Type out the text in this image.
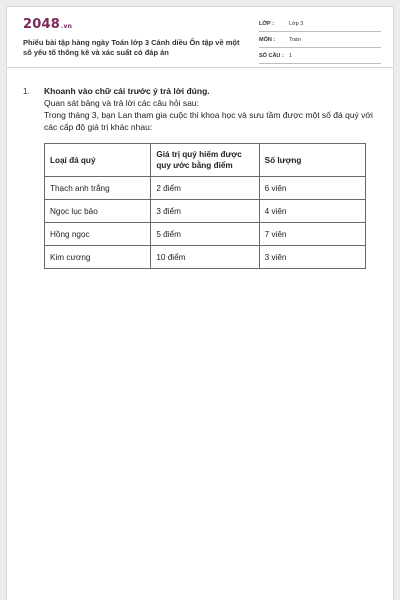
2048.vn
Phiếu bài tập hàng ngày Toán lớp 3 Cánh diều Ôn tập về một số yếu tố thống kê và xác suất có đáp án
LỚP :	Lớp 3
MÔN :	Toán
SỐ CÂU : 1
1. Khoanh vào chữ cái trước ý trả lời đúng.

Quan sát bảng và trả lời các câu hỏi sau:

Trong tháng 3, bạn Lan tham gia cuộc thi khoa học và sưu tầm được một số đá quý với các cấp độ giá trị khác nhau:

Loại đá quý	Giá trị quý hiếm được quy ước bằng điểm	Số lượng
Thạch anh trắng	2 điểm	6 viên
Ngọc lục bảo	3 điểm	4 viên
Hồng ngọc	5 điểm	7 viên
Kim cương	10 điểm	3 viên
